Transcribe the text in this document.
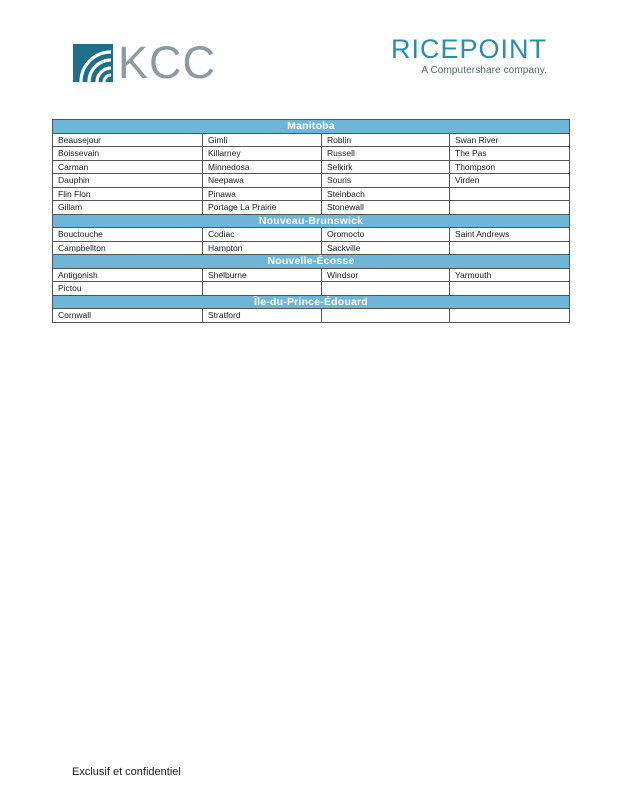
KCC	RICEPOINT
A Computershare company.
Manitoba			
Beausejour	Gimli	Roblin	Swan River
Boissevain	Killarney	Russell	The Pas
Carman	Minnedosa	Selkirk	Thompson
Dauphin	Neepawa	Souris	Virden
Flin Flon	Pinawa	Steinbach	
Gillam	Portage La Prairie	Stonewall	
Nouveau-Brunswick			
Bouctouche	Codiac	Oromocto	Saint Andrews
Campbellton	Hampton	Sackville	
Nouvelle-Écosse			
Antigonish	Shelburne	Windsor	Yarmouth
Pictou			
Île-du-Prince-Édouard			
Cornwall	Stratford		
Exclusif et confidentiel
